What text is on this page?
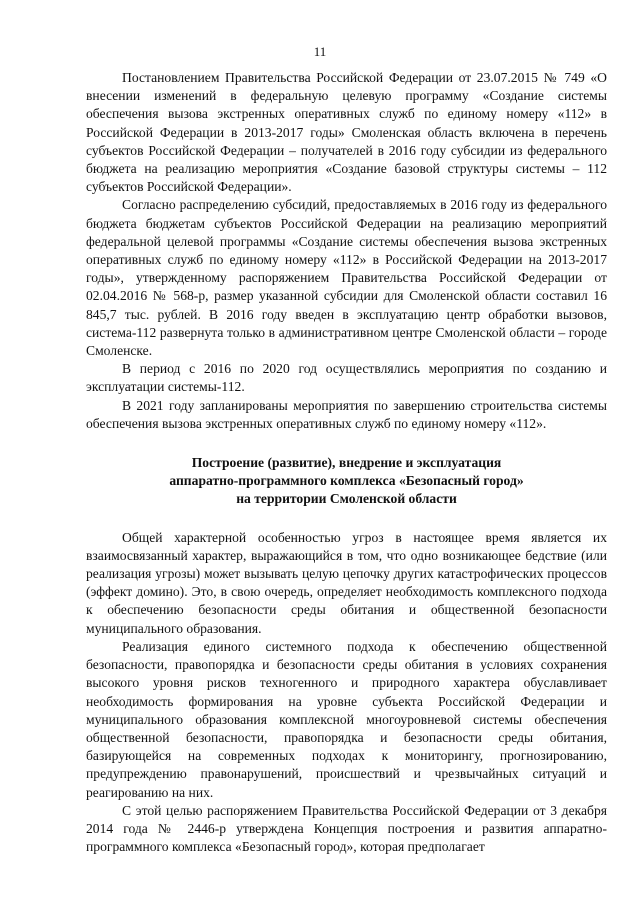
11

Постановлением Правительства Российской Федерации от 23.07.2015 № 749 «О внесении изменений в федеральную целевую программу «Создание системы обеспечения вызова экстренных оперативных служб по единому номеру «112» в Российской Федерации в 2013-2017 годы» Смоленская область включена в перечень субъектов Российской Федерации – получателей в 2016 году субсидии из федерального бюджета на реализацию мероприятия «Создание базовой структуры системы – 112 субъектов Российской Федерации».

Согласно распределению субсидий, предоставляемых в 2016 году из федерального бюджета бюджетам субъектов Российской Федерации на реализацию мероприятий федеральной целевой программы «Создание системы обеспечения вызова экстренных оперативных служб по единому номеру «112» в Российской Федерации на 2013-2017 годы», утвержденному распоряжением Правительства Российской Федерации от 02.04.2016 № 568-р, размер указанной субсидии для Смоленской области составил 16 845,7 тыс. рублей. В 2016 году введен в эксплуатацию центр обработки вызовов, система-112 развернута только в административном центре Смоленской области – городе Смоленске.

В период с 2016 по 2020 год осуществлялись мероприятия по созданию и эксплуатации системы-112.

В 2021 году запланированы мероприятия по завершению строительства системы обеспечения вызова экстренных оперативных служб по единому номеру «112».

Построение (развитие), внедрение и эксплуатация
аппаратно-программного комплекса «Безопасный город»
на территории Смоленской области

Общей характерной особенностью угроз в настоящее время является их взаимосвязанный характер, выражающийся в том, что одно возникающее бедствие (или реализация угрозы) может вызывать целую цепочку других катастрофических процессов (эффект домино). Это, в свою очередь, определяет необходимость комплексного подхода к обеспечению безопасности среды обитания и общественной безопасности муниципального образования.

Реализация единого системного подхода к обеспечению общественной безопасности, правопорядка и безопасности среды обитания в условиях сохранения высокого уровня рисков техногенного и природного характера обуславливает необходимость формирования на уровне субъекта Российской Федерации и муниципального образования комплексной многоуровневой системы обеспечения общественной безопасности, правопорядка и безопасности среды обитания, базирующейся на современных подходах к мониторингу, прогнозированию, предупреждению правонарушений, происшествий и чрезвычайных ситуаций и реагированию на них.

С этой целью распоряжением Правительства Российской Федерации от 3 декабря 2014 года № 2446-р утверждена Концепция построения и развития аппаратно-программного комплекса «Безопасный город», которая предполагает
